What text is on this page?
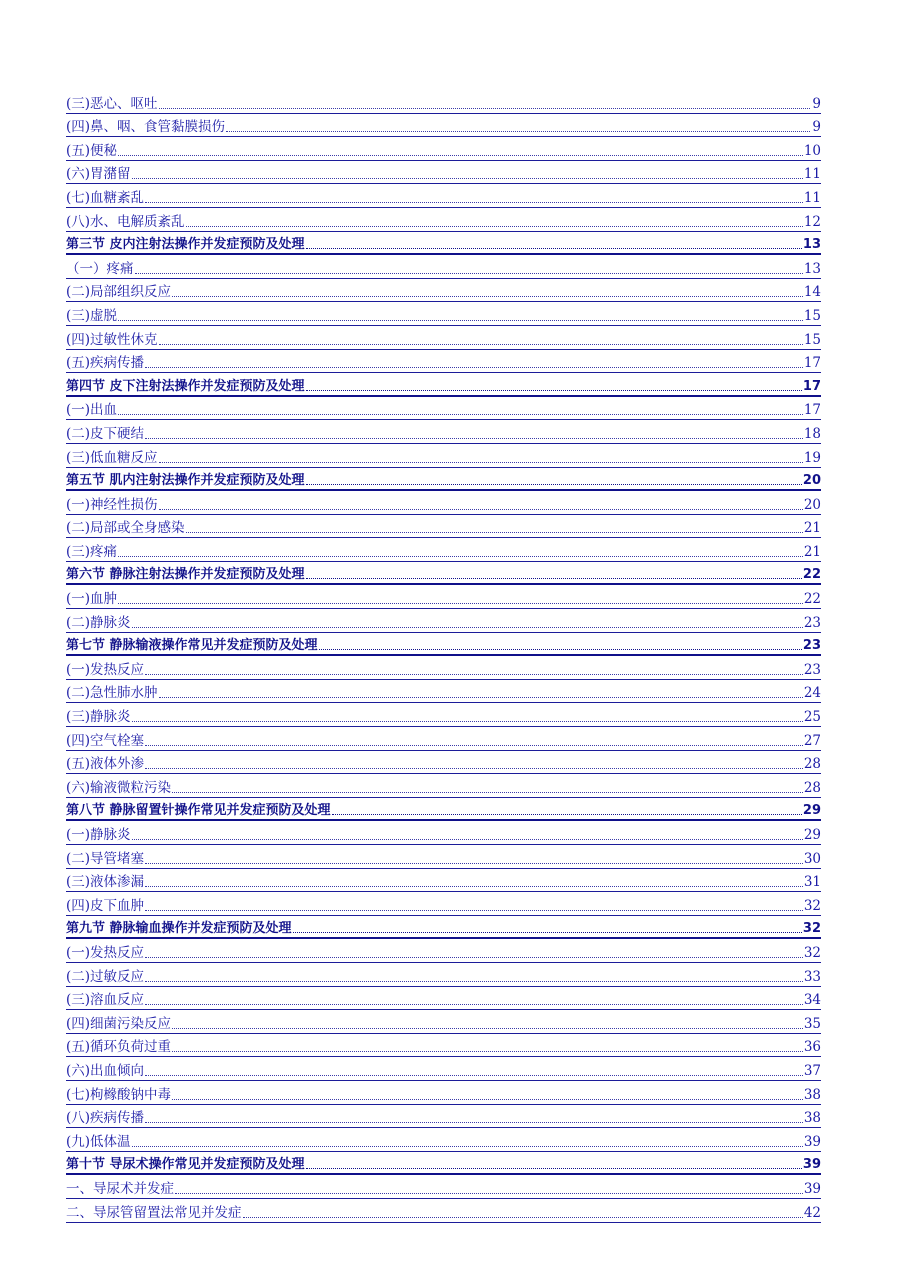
(三)恶心、呕吐	9
(四)鼻、咽、食管黏膜损伤	9
(五)便秘	10
(六)胃潴留	11
(七)血糖紊乱	11
(八)水、电解质紊乱	12
第三节 皮内注射法操作并发症预防及处理	13
（一）疼痛	13
(二)局部组织反应	14
(三)虚脱	15
(四)过敏性休克	15
(五)疾病传播	17
第四节 皮下注射法操作并发症预防及处理	17
(一)出血	17
(二)皮下硬结	18
(三)低血糖反应	19
第五节 肌内注射法操作并发症预防及处理	20
(一)神经性损伤	20
(二)局部或全身感染	21
(三)疼痛	21
第六节 静脉注射法操作并发症预防及处理	22
(一)血肿	22
(二)静脉炎	23
第七节 静脉输液操作常见并发症预防及处理	23
(一)发热反应	23
(二)急性肺水肿	24
(三)静脉炎	25
(四)空气栓塞	27
(五)液体外渗	28
(六)输液微粒污染	28
第八节 静脉留置针操作常见并发症预防及处理	29
(一)静脉炎	29
(二)导管堵塞	30
(三)液体渗漏	31
(四)皮下血肿	32
第九节 静脉输血操作并发症预防及处理	32
(一)发热反应	32
(二)过敏反应	33
(三)溶血反应	34
(四)细菌污染反应	35
(五)循环负荷过重	36
(六)出血倾向	37
(七)枸橼酸钠中毒	38
(八)疾病传播	38
(九)低体温	39
第十节 导尿术操作常见并发症预防及处理	39
一、导尿术并发症	39
二、导尿管留置法常见并发症	42
